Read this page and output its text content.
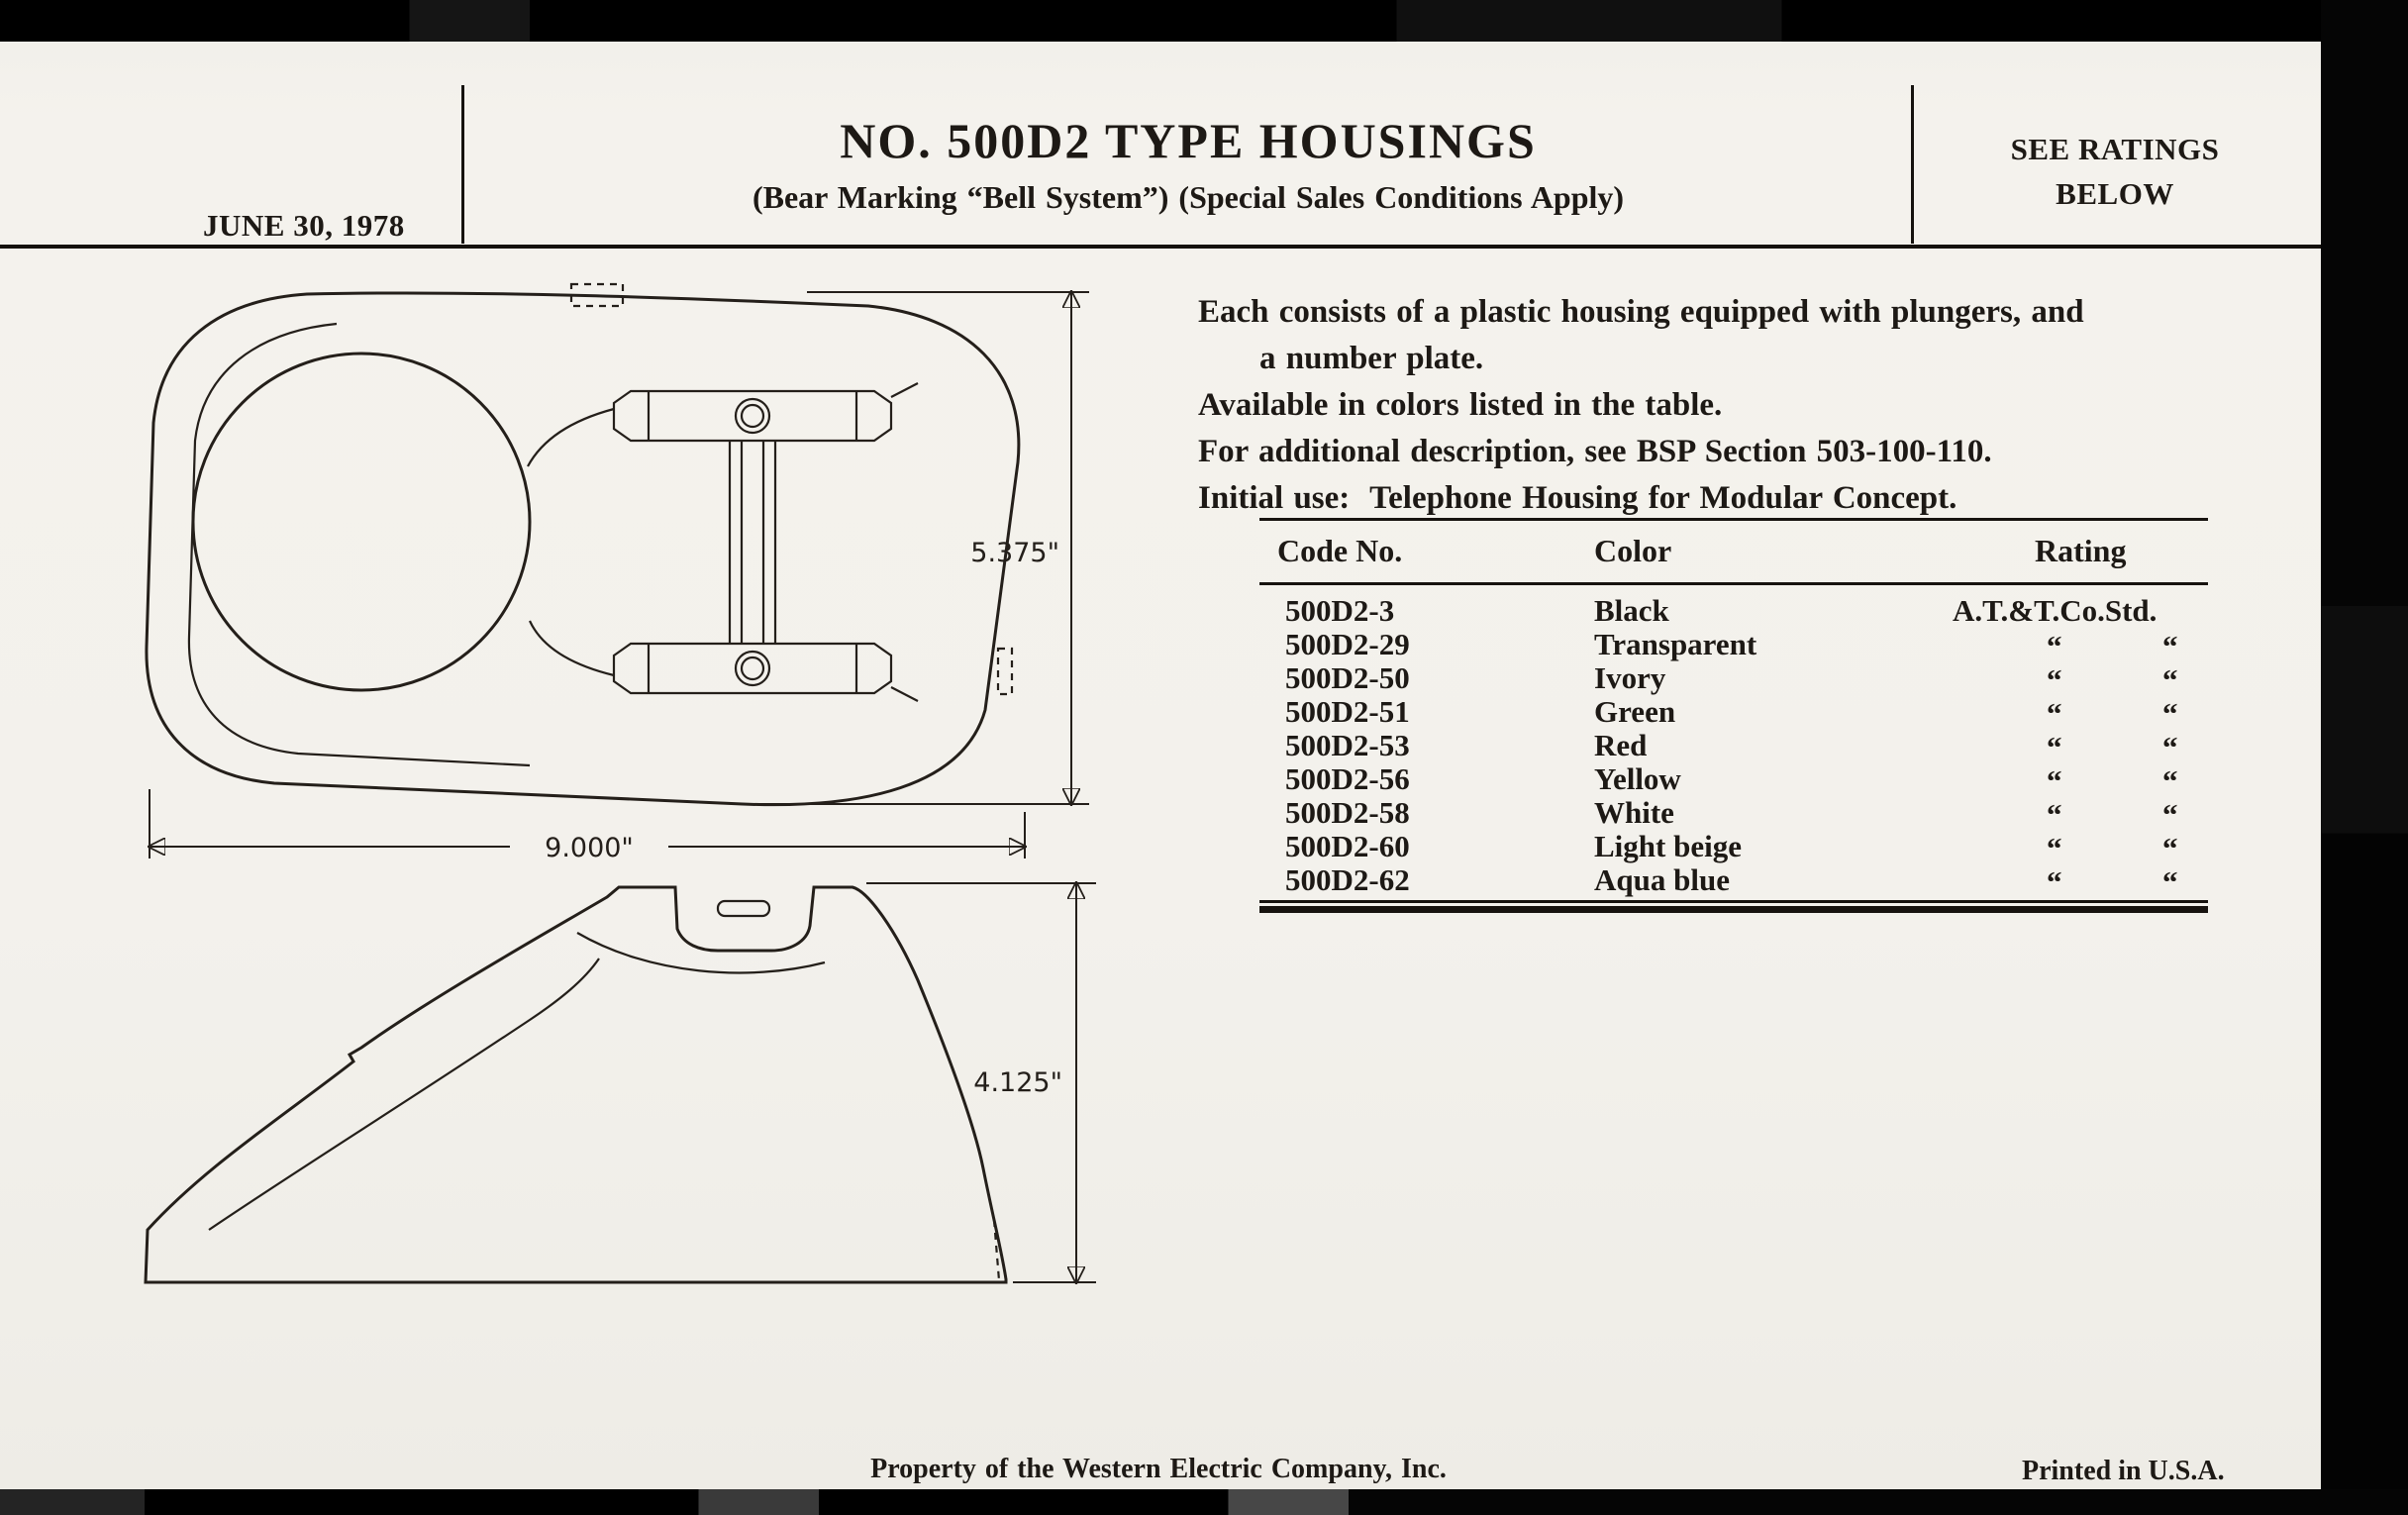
JUNE 30, 1978
NO. 500D2 TYPE HOUSINGS
(Bear Marking “Bell System”) (Special Sales Conditions Apply)
SEE RATINGS
BELOW
5.375"
9.000"
4.125"
Each consists of a plastic housing equipped with plungers, and
a number plate.
Available in colors listed in the table.
For additional description, see BSP Section 503-100-110.
Initial use:  Telephone Housing for Modular Concept.
Code No.	Color	Rating
500D2-3	Black	A.T.&T.Co.Std.
500D2-29	Transparent	“	“
500D2-50	Ivory	“	“
500D2-51	Green	“	“
500D2-53	Red	“	“
500D2-56	Yellow	“	“
500D2-58	White	“	“
500D2-60	Light beige	“	“
500D2-62	Aqua blue	“	“
Property of the Western Electric Company, Inc.	Printed in U.S.A.
